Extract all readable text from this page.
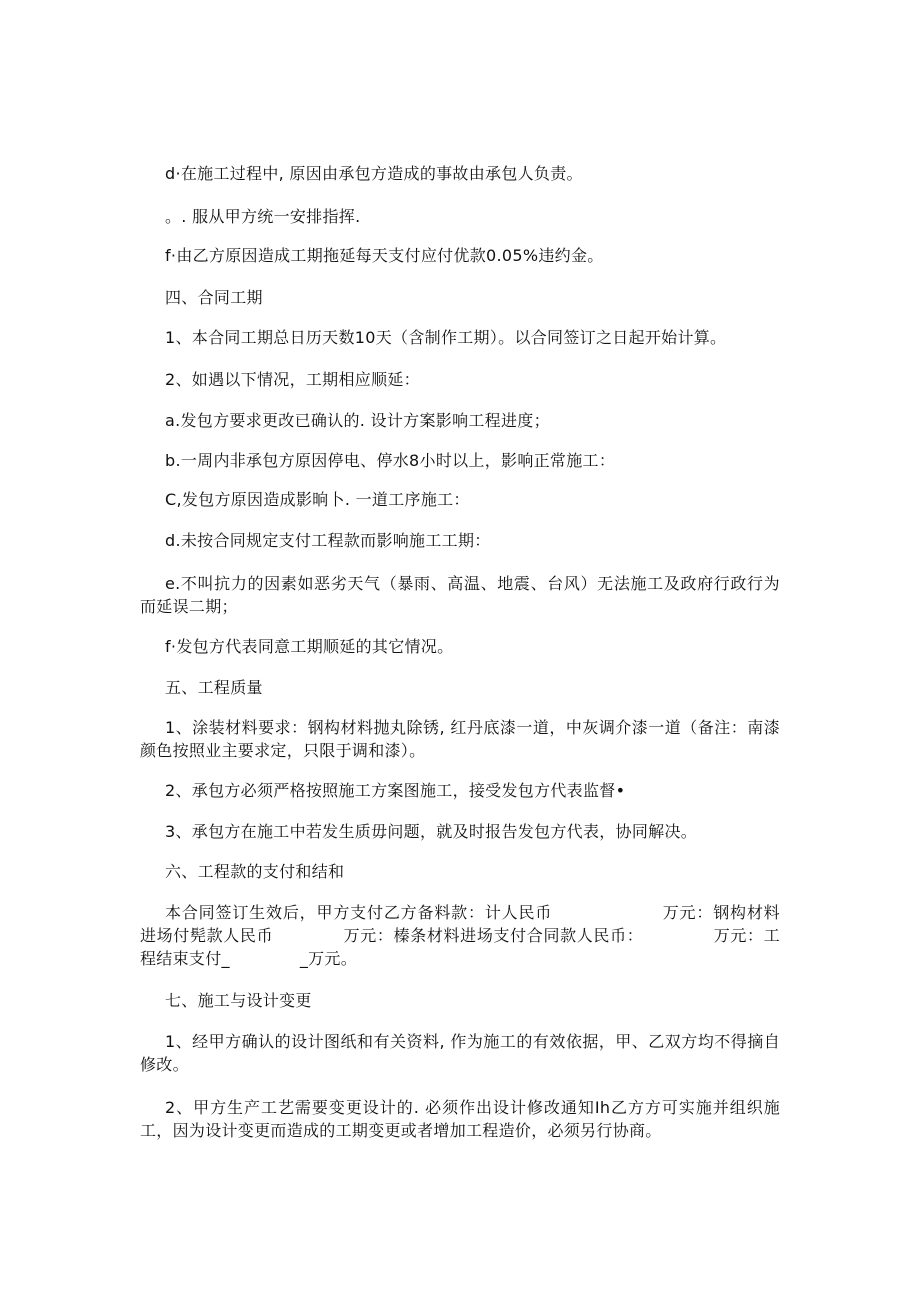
d·在施工过程中, 原因由承包方造成的事故由承包人负责。
。. 服从甲方统一安排指挥.
f·由乙方原因造成工期拖延每天支付应付优款0.05%违约金。
四、合同工期
1、本合同工期总日历天数10天（含制作工期）。以合同签订之日起开始计算。
2、如遇以下情况，工期相应顺延：
a.发包方要求更改已确认的. 设计方案影响工程进度；
b.一周内非承包方原因停电、停水8小时以上，影响正常施工：
C,发包方原因造成影晌卜. 一道工序施工：
d.未按合同规定支付工程款而影响施工工期：
e.不叫抗力的因素如恶劣天气（暴雨、高温、地震、台风）无法施工及政府行政行为而延误二期；
f·发包方代表同意工期顺延的其它情况。
五、工程质量
1、涂装材料要求：钢构材料抛丸除锈, 红丹底漆一道，中灰调介漆一道（备注：南漆颜色按照业主要求定，只限于调和漆）。
2、承包方必须严格按照施工方案图施工，接受发包方代表监督•
3、承包方在施工中若发生质毋问题，就及时报告发包方代表，协同解决。
六、工程款的支付和结和
本合同签订生效后，甲方支付乙方备料款：计人民币	万元：钢构材料进场付髡款人民币	万元：榛条材料进场支付合同款人民币：	万元：工程结束支付_	_万元。
七、施工与设计变更
1、经甲方确认的设计图纸和有关资料, 作为施工的有效依据，甲、乙双方均不得摘自修改。
2、甲方生产工艺需要变更设计的. 必须作出设计修改通知Ih乙方方可实施并组织施工，因为设计变更而造成的工期变更或者增加工程造价，必须另行协商。
